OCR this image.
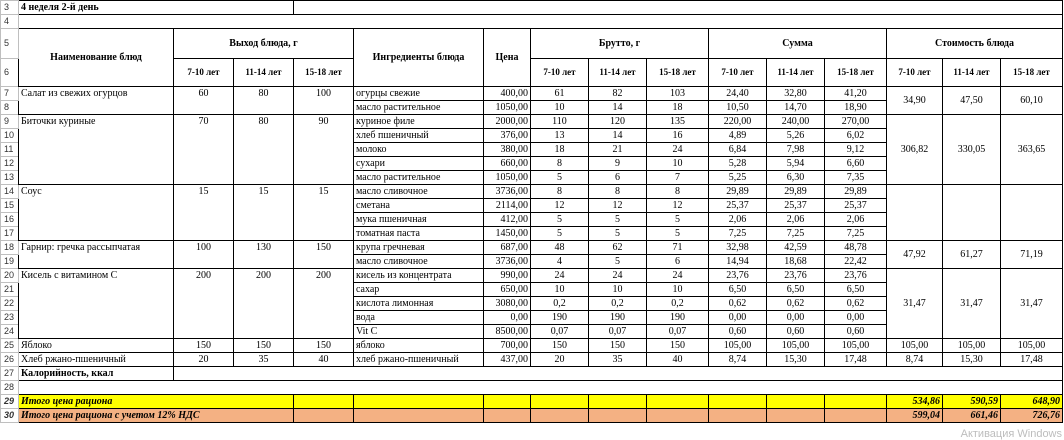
3	4 неделя 2-й день														
4															
5	Наименование блюд	Выход блюда, г			Ингредиенты блюда	Цена	Брутто, г			Сумма			Стоимость блюда		
6		7-10 лет	11-14 лет	15-18 лет			7-10 лет	11-14 лет	15-18 лет	7-10 лет	11-14 лет	15-18 лет	7-10 лет	11-14 лет	15-18 лет
7	Салат из свежих огурцов	60	80	100	огурцы свежие	400,00	61	82	103	24,40	32,80	41,20	34,90	47,50	60,10
8					масло растительное	1050,00	10	14	18	10,50	14,70	18,90			
9	Биточки куриные	70	80	90	куриное филе	2000,00	110	120	135	220,00	240,00	270,00	306,82	330,05	363,65
10					хлеб пшеничный	376,00	13	14	16	4,89	5,26	6,02			
11					молоко	380,00	18	21	24	6,84	7,98	9,12			
12					сухари	660,00	8	9	10	5,28	5,94	6,60			
13					масло растительное	1050,00	5	6	7	5,25	6,30	7,35			
14	Соус	15	15	15	масло сливочное	3736,00	8	8	8	29,89	29,89	29,89			
15					сметана	2114,00	12	12	12	25,37	25,37	25,37			
16					мука пшеничная	412,00	5	5	5	2,06	2,06	2,06			
17					томатная паста	1450,00	5	5	5	7,25	7,25	7,25			
18	Гарнир: гречка рассыпчатая	100	130	150	крупа гречневая	687,00	48	62	71	32,98	42,59	48,78	47,92	61,27	71,19
19					масло сливочное	3736,00	4	5	6	14,94	18,68	22,42			
20	Кисель с витамином С	200	200	200	кисель из концентрата	990,00	24	24	24	23,76	23,76	23,76	31,47	31,47	31,47
21					сахар	650,00	10	10	10	6,50	6,50	6,50			
22					кислота лимонная	3080,00	0,2	0,2	0,2	0,62	0,62	0,62			
23					вода	0,00	190	190	190	0,00	0,00	0,00			
24					Vit C	8500,00	0,07	0,07	0,07	0,60	0,60	0,60			
25	Яблоко	150	150	150	яблоко	700,00	150	150	150	105,00	105,00	105,00	105,00	105,00	105,00
26	Хлеб ржано-пшеничный	20	35	40	хлеб ржано-пшеничный	437,00	20	35	40	8,74	15,30	17,48	8,74	15,30	17,48
27	Калорийность, ккал														
28															
29	Итого цена рациона												534,86	590,59	648,90
30	Итого цена рациона с учетом 12% НДС												599,04	661,46	726,76
Активация Windows
